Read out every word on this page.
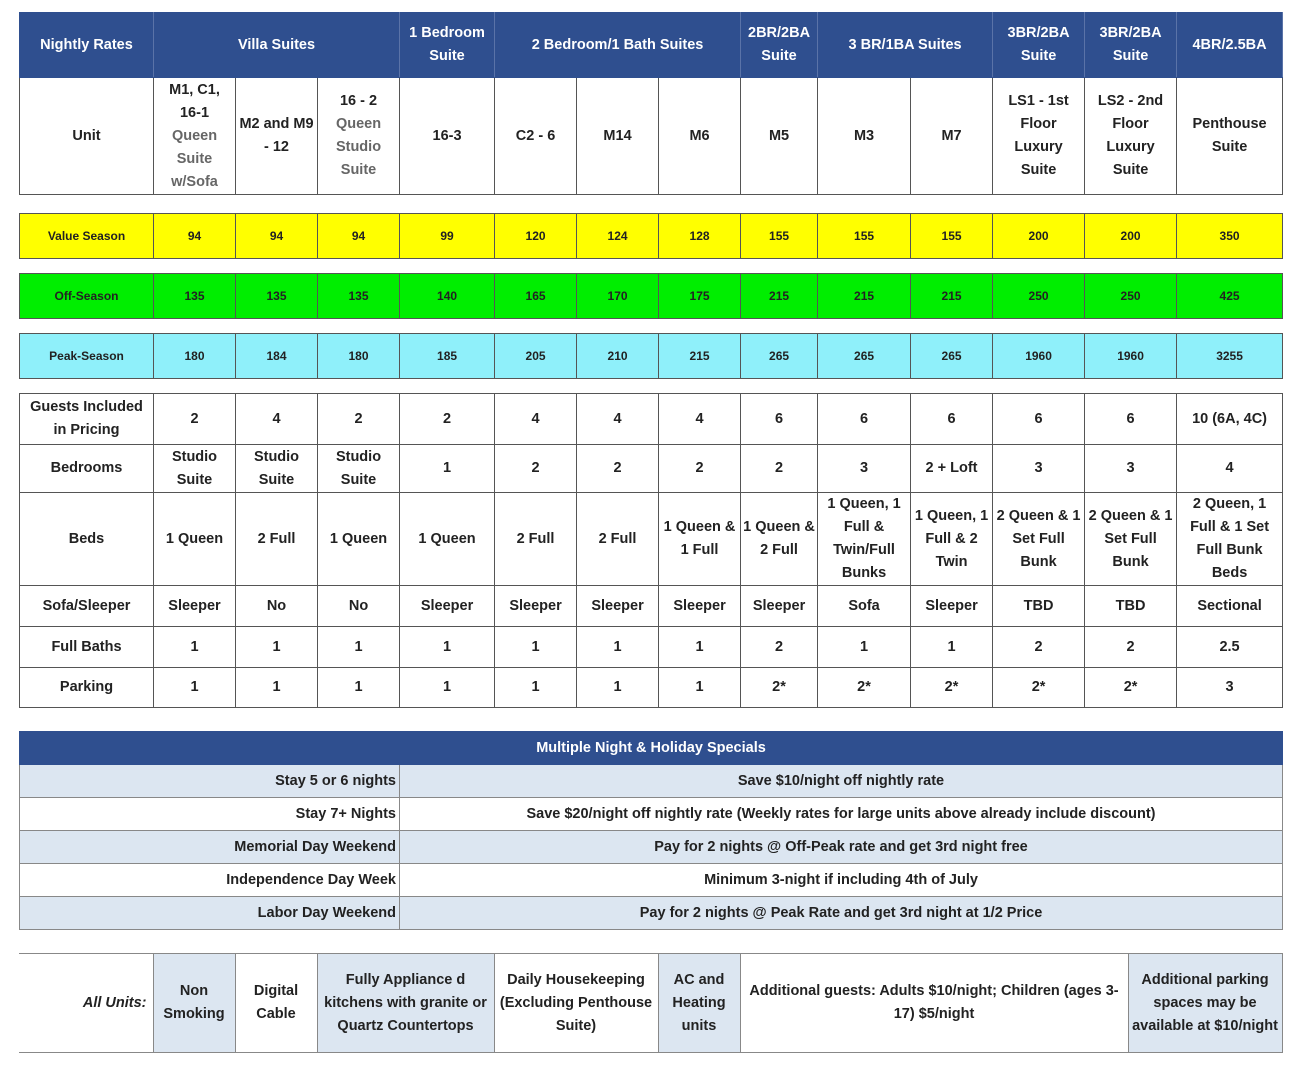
Nightly Rates	Villa Suites			1 Bedroom Suite	2 Bedroom/1 Bath Suites			2BR/2BA Suite	3 BR/1BA Suites		3BR/2BA Suite	3BR/2BA Suite	4BR/2.5BA
Unit	M1, C1,
16-1
Queen Suite w/Sofa	M2 and M9 - 12	16 - 2
Queen Studio Suite	16-3	C2 - 6	M14	M6	M5	M3	M7	LS1 - 1st Floor Luxury Suite	LS2 - 2nd Floor Luxury Suite	Penthouse Suite

Value Season	94	94	94	99	120	124	128	155	155	155	200	200	350

Off-Season	135	135	135	140	165	170	175	215	215	215	250	250	425

Peak-Season	180	184	180	185	205	210	215	265	265	265	1960	1960	3255

Guests Included in Pricing	2	4	2	2	4	4	4	6	6	6	6	6	10 (6A, 4C)
Bedrooms	Studio Suite	Studio Suite	Studio Suite	1	2	2	2	2	3	2 + Loft	3	3	4
Beds	1 Queen	2 Full	1 Queen	1 Queen	2 Full	2 Full	1 Queen & 1 Full	1 Queen & 2 Full	1 Queen, 1 Full & Twin/Full Bunks	1 Queen, 1 Full & 2 Twin	2 Queen & 1 Set Full Bunk	2 Queen & 1 Set Full Bunk	2 Queen, 1 Full & 1 Set Full Bunk Beds
Sofa/Sleeper	Sleeper	No	No	Sleeper	Sleeper	Sleeper	Sleeper	Sleeper	Sofa	Sleeper	TBD	TBD	Sectional
Full Baths	1	1	1	1	1	1	1	2	1	1	2	2	2.5
Parking	1	1	1	1	1	1	1	2*	2*	2*	2*	2*	3
Multiple Night & Holiday Specials	
Stay 5 or 6 nights	Save $10/night off nightly rate
Stay 7+ Nights	Save $20/night off nightly rate (Weekly rates for large units above already include discount)
Memorial Day Weekend	Pay for 2 nights @ Off-Peak rate and get 3rd night free
Independence Day Week	Minimum 3-night if including 4th of July
Labor Day Weekend	Pay for 2 nights @ Peak Rate and get 3rd night at 1/2 Price
All Units:	Non Smoking	Digital Cable	Fully Appliance d kitchens with granite or Quartz Countertops	Daily Housekeeping (Excluding Penthouse Suite)	AC and Heating units	Additional guests: Adults $10/night; Children (ages 3-17) $5/night	Additional parking spaces may be available at $10/night
